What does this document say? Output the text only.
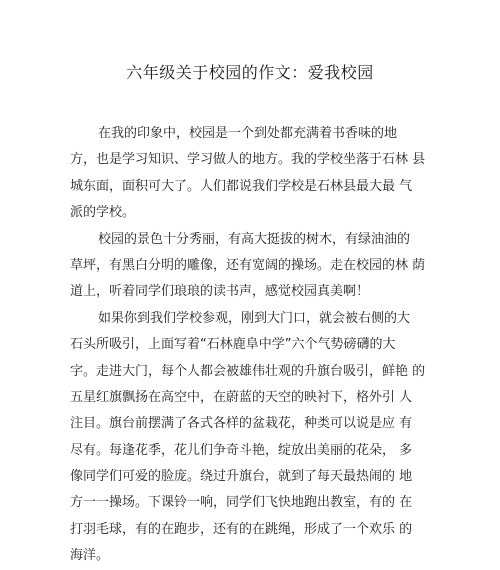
六年级关于校园的作文：爱我校园
在我的印象中，校园是一个到处都充满着书香味的地
方，也是学习知识、学习做人的地方。我的学校坐落于石林 县
城东面，面积可大了。人们都说我们学校是石林县最大最 气
派的学校。
校园的景色十分秀丽，有高大挺拔的树木，有绿油油的
草坪，有黑白分明的雕像，还有宽阔的操场。走在校园的林 荫
道上，听着同学们琅琅的读书声，感觉校园真美啊！
如果你到我们学校参观，刚到大门口，就会被右侧的大
石头所吸引，上面写着“石林鹿阜中学”六个气势磅礴的大
字。走进大门，每个人都会被雄伟壮观的升旗台吸引，鲜艳 的
五星红旗飘扬在高空中，在蔚蓝的天空的映衬下，格外引 人
注目。旗台前摆满了各式各样的盆栽花，种类可以说是应 有
尽有。每逢花季，花儿们争奇斗艳，绽放出美丽的花朵， 多
像同学们可爱的脸庞。绕过升旗台，就到了每天最热闹的 地
方一一操场。下课铃一响，同学们飞快地跑出教室，有的 在
打羽毛球，有的在跑步，还有的在跳绳，形成了一个欢乐 的
海洋。
